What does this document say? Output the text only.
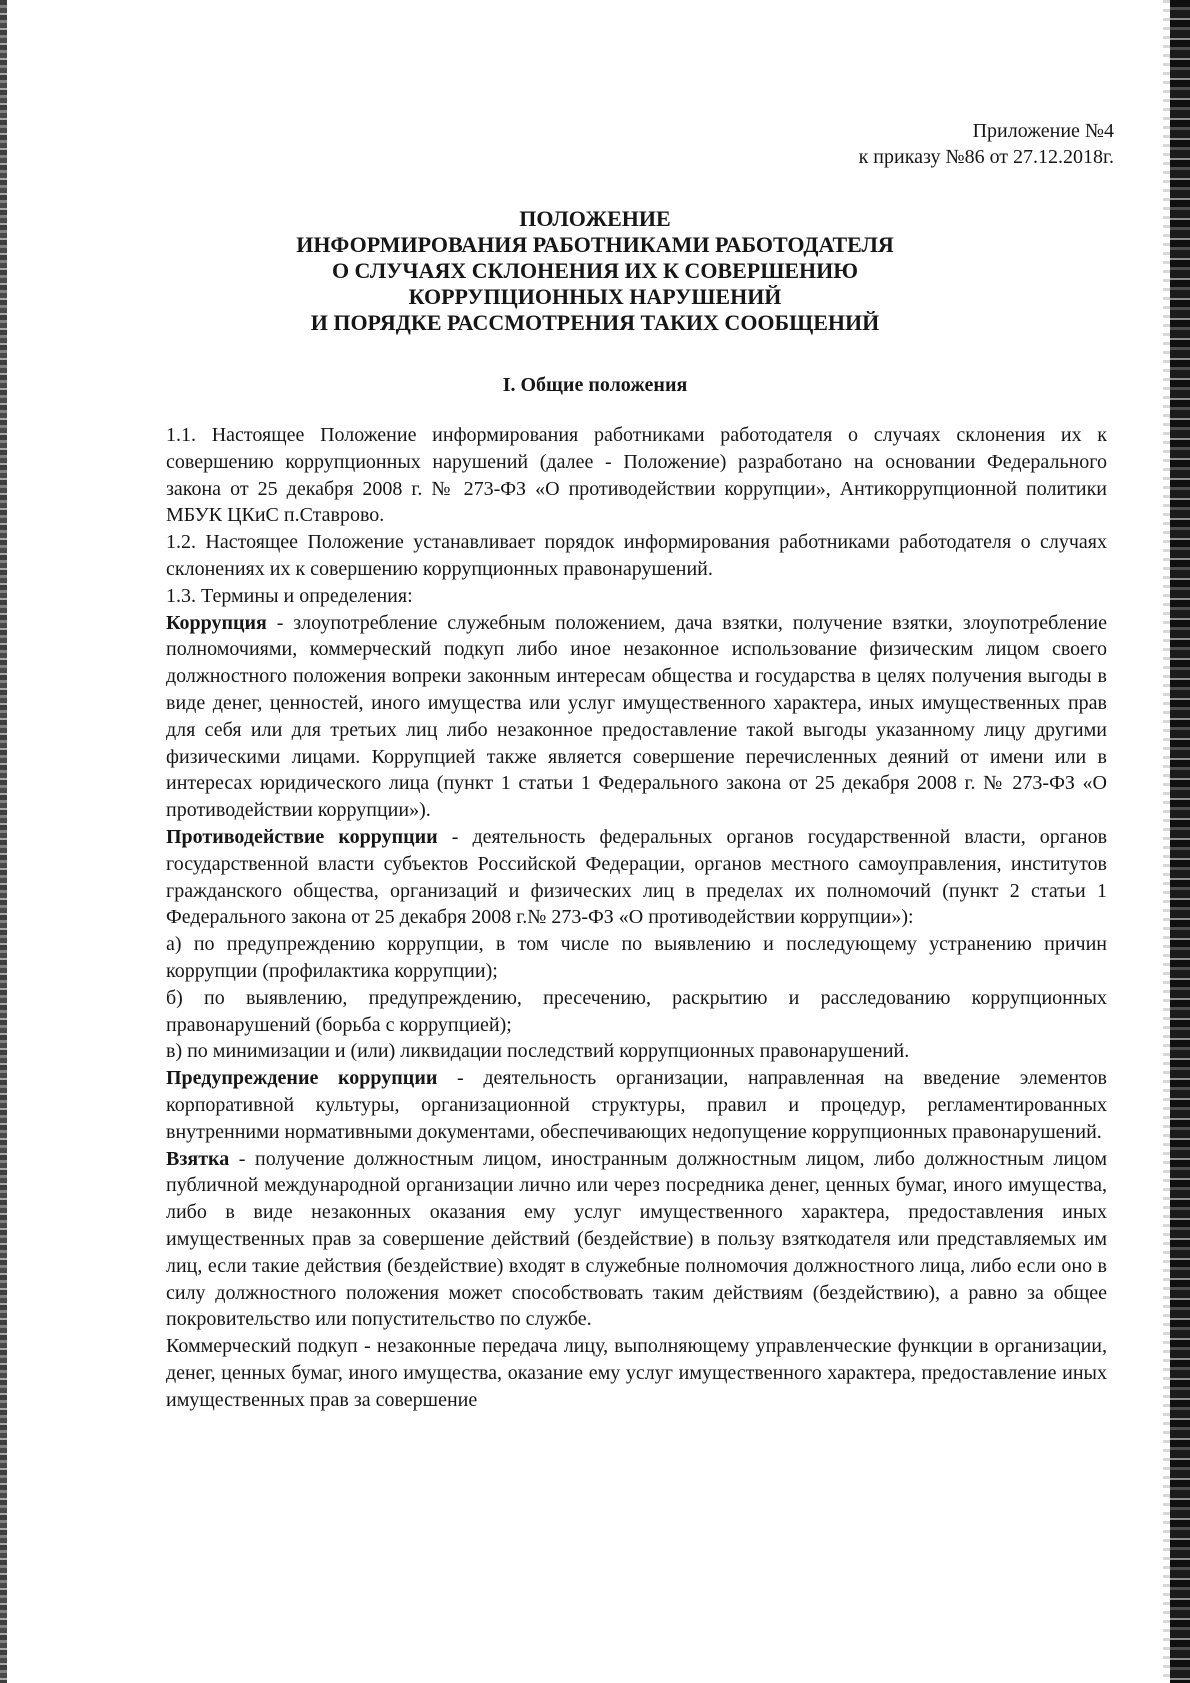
Приложение №4
к приказу №86 от 27.12.2018г.
ПОЛОЖЕНИЕ
ИНФОРМИРОВАНИЯ РАБОТНИКАМИ РАБОТОДАТЕЛЯ
О СЛУЧАЯХ СКЛОНЕНИЯ ИХ К СОВЕРШЕНИЮ
КОРРУПЦИОННЫХ НАРУШЕНИЙ
И ПОРЯДКЕ РАССМОТРЕНИЯ ТАКИХ СООБЩЕНИЙ
I. Общие положения

1.1. Настоящее Положение информирования работниками работодателя о случаях склонения их к совершению коррупционных нарушений (далее - Положение) разработано на основании Федерального закона от 25 декабря 2008 г. № 273-ФЗ «О противодействии коррупции», Антикоррупционной политики МБУК ЦКиС п.Ставрово.

1.2. Настоящее Положение устанавливает порядок информирования работниками работодателя о случаях склонениях их к совершению коррупционных правонарушений.

1.3. Термины и определения:

Коррупция - злоупотребление служебным положением, дача взятки, получение взятки, злоупотребление полномочиями, коммерческий подкуп либо иное незаконное использование физическим лицом своего должностного положения вопреки законным интересам общества и государства в целях получения выгоды в виде денег, ценностей, иного имущества или услуг имущественного характера, иных имущественных прав для себя или для третьих лиц либо незаконное предоставление такой выгоды указанному лицу другими физическими лицами. Коррупцией также является совершение перечисленных деяний от имени или в интересах юридического лица (пункт 1 статьи 1 Федерального закона от 25 декабря 2008 г. № 273-ФЗ «О противодействии коррупции»).

Противодействие коррупции - деятельность федеральных органов государственной власти, органов государственной власти субъектов Российской Федерации, органов местного самоуправления, институтов гражданского общества, организаций и физических лиц в пределах их полномочий (пункт 2 статьи 1 Федерального закона от 25 декабря 2008 г.№ 273-ФЗ «О противодействии коррупции»):

а) по предупреждению коррупции, в том числе по выявлению и последующему устранению причин коррупции (профилактика коррупции);

б) по выявлению, предупреждению, пресечению, раскрытию и расследованию коррупционных правонарушений (борьба с коррупцией);

в) по минимизации и (или) ликвидации последствий коррупционных правонарушений.

Предупреждение коррупции - деятельность организации, направленная на введение элементов корпоративной культуры, организационной структуры, правил и процедур, регламентированных внутренними нормативными документами, обеспечивающих недопущение коррупционных правонарушений.

Взятка - получение должностным лицом, иностранным должностным лицом, либо должностным лицом публичной международной организации лично или через посредника денег, ценных бумаг, иного имущества, либо в виде незаконных оказания ему услуг имущественного характера, предоставления иных имущественных прав за совершение действий (бездействие) в пользу взяткодателя или представляемых им лиц, если такие действия (бездействие) входят в служебные полномочия должностного лица, либо если оно в силу должностного положения может способствовать таким действиям (бездействию), а равно за общее покровительство или попустительство по службе.

Коммерческий подкуп - незаконные передача лицу, выполняющему управленческие функции в организации, денег, ценных бумаг, иного имущества, оказание ему услуг имущественного характера, предоставление иных имущественных прав за совершение
